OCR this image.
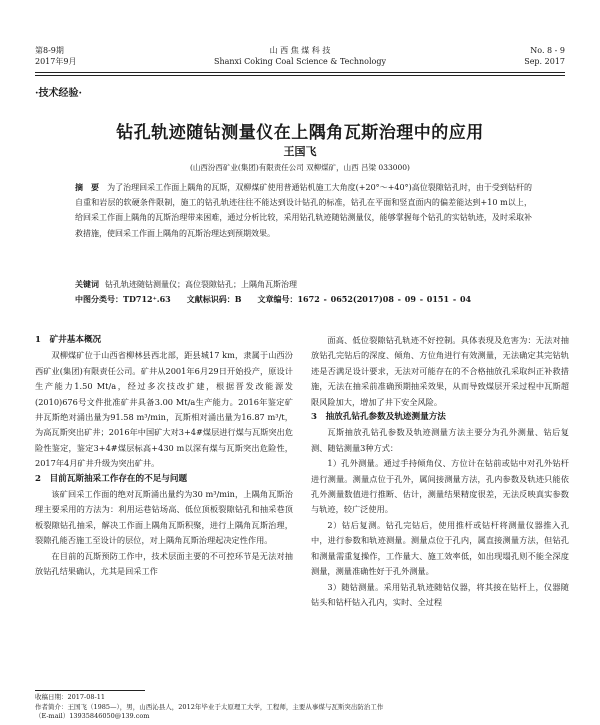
第8-9期
2017年9月
山 西 焦 煤 科 技
Shanxi Coking Coal Science & Technology
No. 8 - 9
Sep. 2017
·技术经验·
钻孔轨迹随钻测量仪在上隅角瓦斯治理中的应用
王国飞
(山西汾西矿业(集团)有限责任公司 双柳煤矿，山西 吕梁 033000)
摘　要 为了治理回采工作面上隅角的瓦斯，双柳煤矿使用普通钻机施工大角度(+20°～+40°)高位裂隙钻孔时，由于受到钻杆的自重和岩层的软硬条件限制，施工的钻孔轨迹往往不能达到设计钻孔的标准，钻孔在平面和竖直面内的偏差能达到+10 m以上，给回采工作面上隅角的瓦斯治理带来困难，通过分析比较，采用钻孔轨迹随钻测量仪，能够掌握每个钻孔的实钻轨迹，及时采取补救措施，使回采工作面上隅角的瓦斯治理达到预期效果。
关键词 钻孔轨迹随钻测量仪；高位裂隙钻孔；上隅角瓦斯治理
中图分类号：TD712⁺.63　　文献标识码：B　　文章编号：1672 - 0652(2017)08 - 09 - 0151 - 04
1　矿井基本概况

双柳煤矿位于山西省柳林县西北部，距县城17 km，隶属于山西汾西矿业(集团)有限责任公司。矿井从2001年6月29日开始投产，原设计生产能力1.50 Mt/a，经过多次技改扩建，根据晋发改能源发(2010)676号文件批准矿井具备3.00 Mt/a生产能力。2016年鉴定矿井瓦斯绝对涌出量为91.58 m³/min，瓦斯相对涌出量为16.87 m³/t，为高瓦斯突出矿井；2016年中国矿大对3+4#煤层进行煤与瓦斯突出危险性鉴定，鉴定3+4#煤层标高+430 m以深有煤与瓦斯突出危险性，2017年4月矿井升级为突出矿井。

2　目前瓦斯抽采工作存在的不足与问题

该矿回采工作面的绝对瓦斯涌出量约为30 m³/min，上隅角瓦斯治理主要采用的方法为：利用运巷钻场高、低位顶板裂隙钻孔和抽采巷顶板裂隙钻孔抽采，解决工作面上隅角瓦斯积聚，进行上隅角瓦斯治理，裂隙孔能否施工至设计的层位，对上隅角瓦斯治理起决定性作用。

在目前的瓦斯预防工作中，技术层面主要的不可控环节是无法对抽放钻孔结果确认，尤其是回采工作

面高、低位裂隙钻孔轨迹不好控制。具体表现及危害为：无法对抽放钻孔完钻后的深度、倾角、方位角进行有效测量，无法确定其完钻轨迹是否满足设计要求，无法对可能存在的不合格抽放孔采取纠正补救措施，无法在抽采前准确预期抽采效果，从而导致煤层开采过程中瓦斯超限风险加大，增加了井下安全风险。

3　抽放孔钻孔参数及轨迹测量方法

瓦斯抽放孔钻孔参数及轨迹测量方法主要分为孔外测量、钻后复测、随钻测量3种方式：

1）孔外测量。通过手持倾角仪、方位计在钻前或钻中对孔外钻杆进行测量。测量点位于孔外，属间接测量方法，孔内参数及轨迹只能依孔外测量数值进行推断、估计，测量结果精度很差，无法反映真实参数与轨迹，较广泛使用。

2）钻后复测。钻孔完钻后，使用推杆或钻杆将测量仪器推入孔中，进行参数和轨迹测量。测量点位于孔内，属直接测量方法，但钻孔和测量需重复操作，工作量大、施工效率低，如出现塌孔则不能全深度测量，测量准确性好于孔外测量。

3）随钻测量。采用钻孔轨迹随钻仪器，将其接在钻杆上，仪器随钻头和钻杆钻入孔内，实时、全过程

收稿日期：2017-08-11
作者简介：王国飞（1985—），男，山西沁县人，2012年毕业于太原理工大学，工程师，主要从事煤与瓦斯突出防治工作
（E-mail）13935846050@139.com
